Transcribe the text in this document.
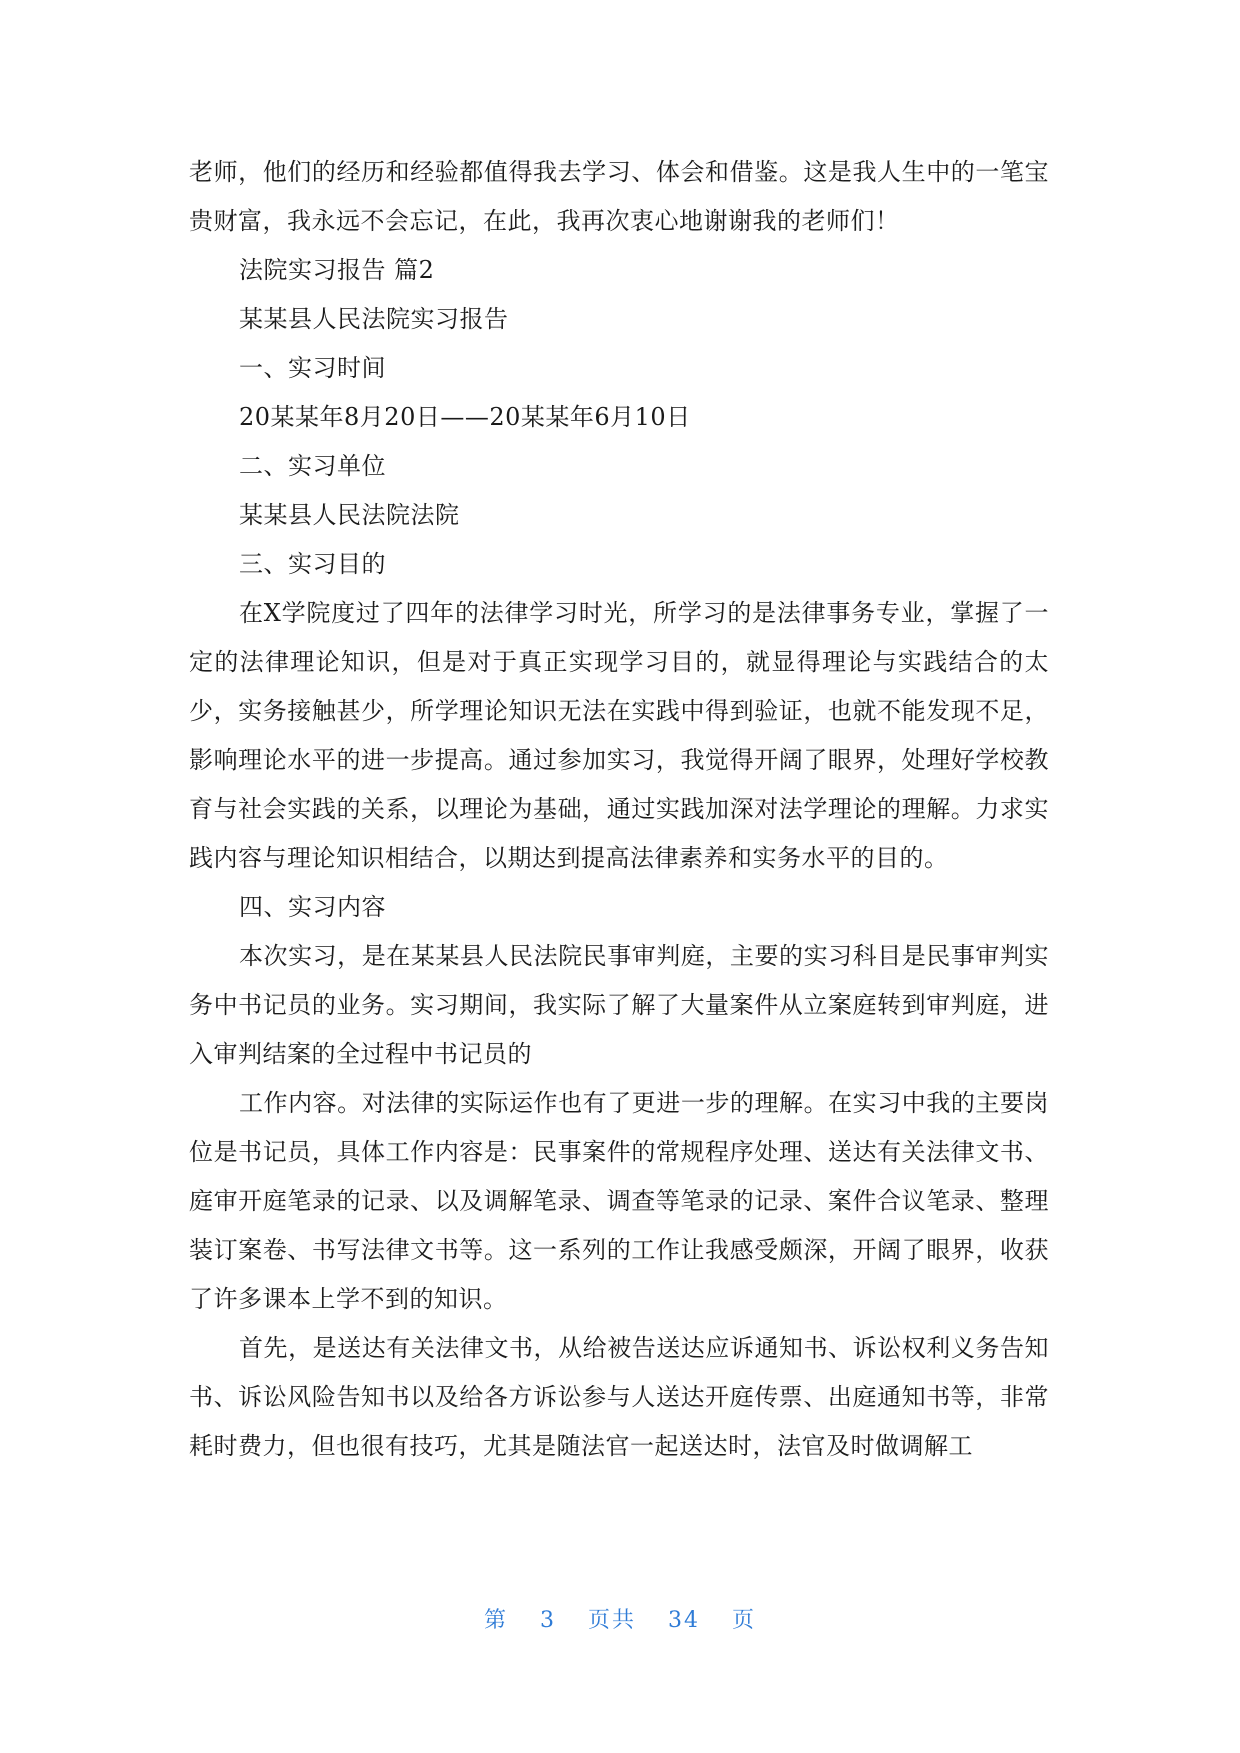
老师，他们的经历和经验都值得我去学习、体会和借鉴。这是我人生中的一笔宝贵财富，我永远不会忘记，在此，我再次衷心地谢谢我的老师们！

法院实习报告 篇2

某某县人民法院实习报告

一、实习时间

20某某年8月20日——20某某年6月10日

二、实习单位

某某县人民法院法院

三、实习目的

在X学院度过了四年的法律学习时光，所学习的是法律事务专业，掌握了一定的法律理论知识，但是对于真正实现学习目的，就显得理论与实践结合的太少，实务接触甚少，所学理论知识无法在实践中得到验证，也就不能发现不足，影响理论水平的进一步提高。通过参加实习，我觉得开阔了眼界，处理好学校教育与社会实践的关系，以理论为基础，通过实践加深对法学理论的理解。力求实践内容与理论知识相结合，以期达到提高法律素养和实务水平的目的。

四、实习内容

本次实习，是在某某县人民法院民事审判庭，主要的实习科目是民事审判实务中书记员的业务。实习期间，我实际了解了大量案件从立案庭转到审判庭，进入审判结案的全过程中书记员的

工作内容。对法律的实际运作也有了更进一步的理解。在实习中我的主要岗位是书记员，具体工作内容是：民事案件的常规程序处理、送达有关法律文书、庭审开庭笔录的记录、以及调解笔录、调查等笔录的记录、案件合议笔录、整理装订案卷、书写法律文书等。这一系列的工作让我感受颇深，开阔了眼界，收获了许多课本上学不到的知识。

首先，是送达有关法律文书，从给被告送达应诉通知书、诉讼权利义务告知书、诉讼风险告知书以及给各方诉讼参与人送达开庭传票、出庭通知书等，非常耗时费力，但也很有技巧，尤其是随法官一起送达时，法官及时做调解工

第 3 页共 34 页
